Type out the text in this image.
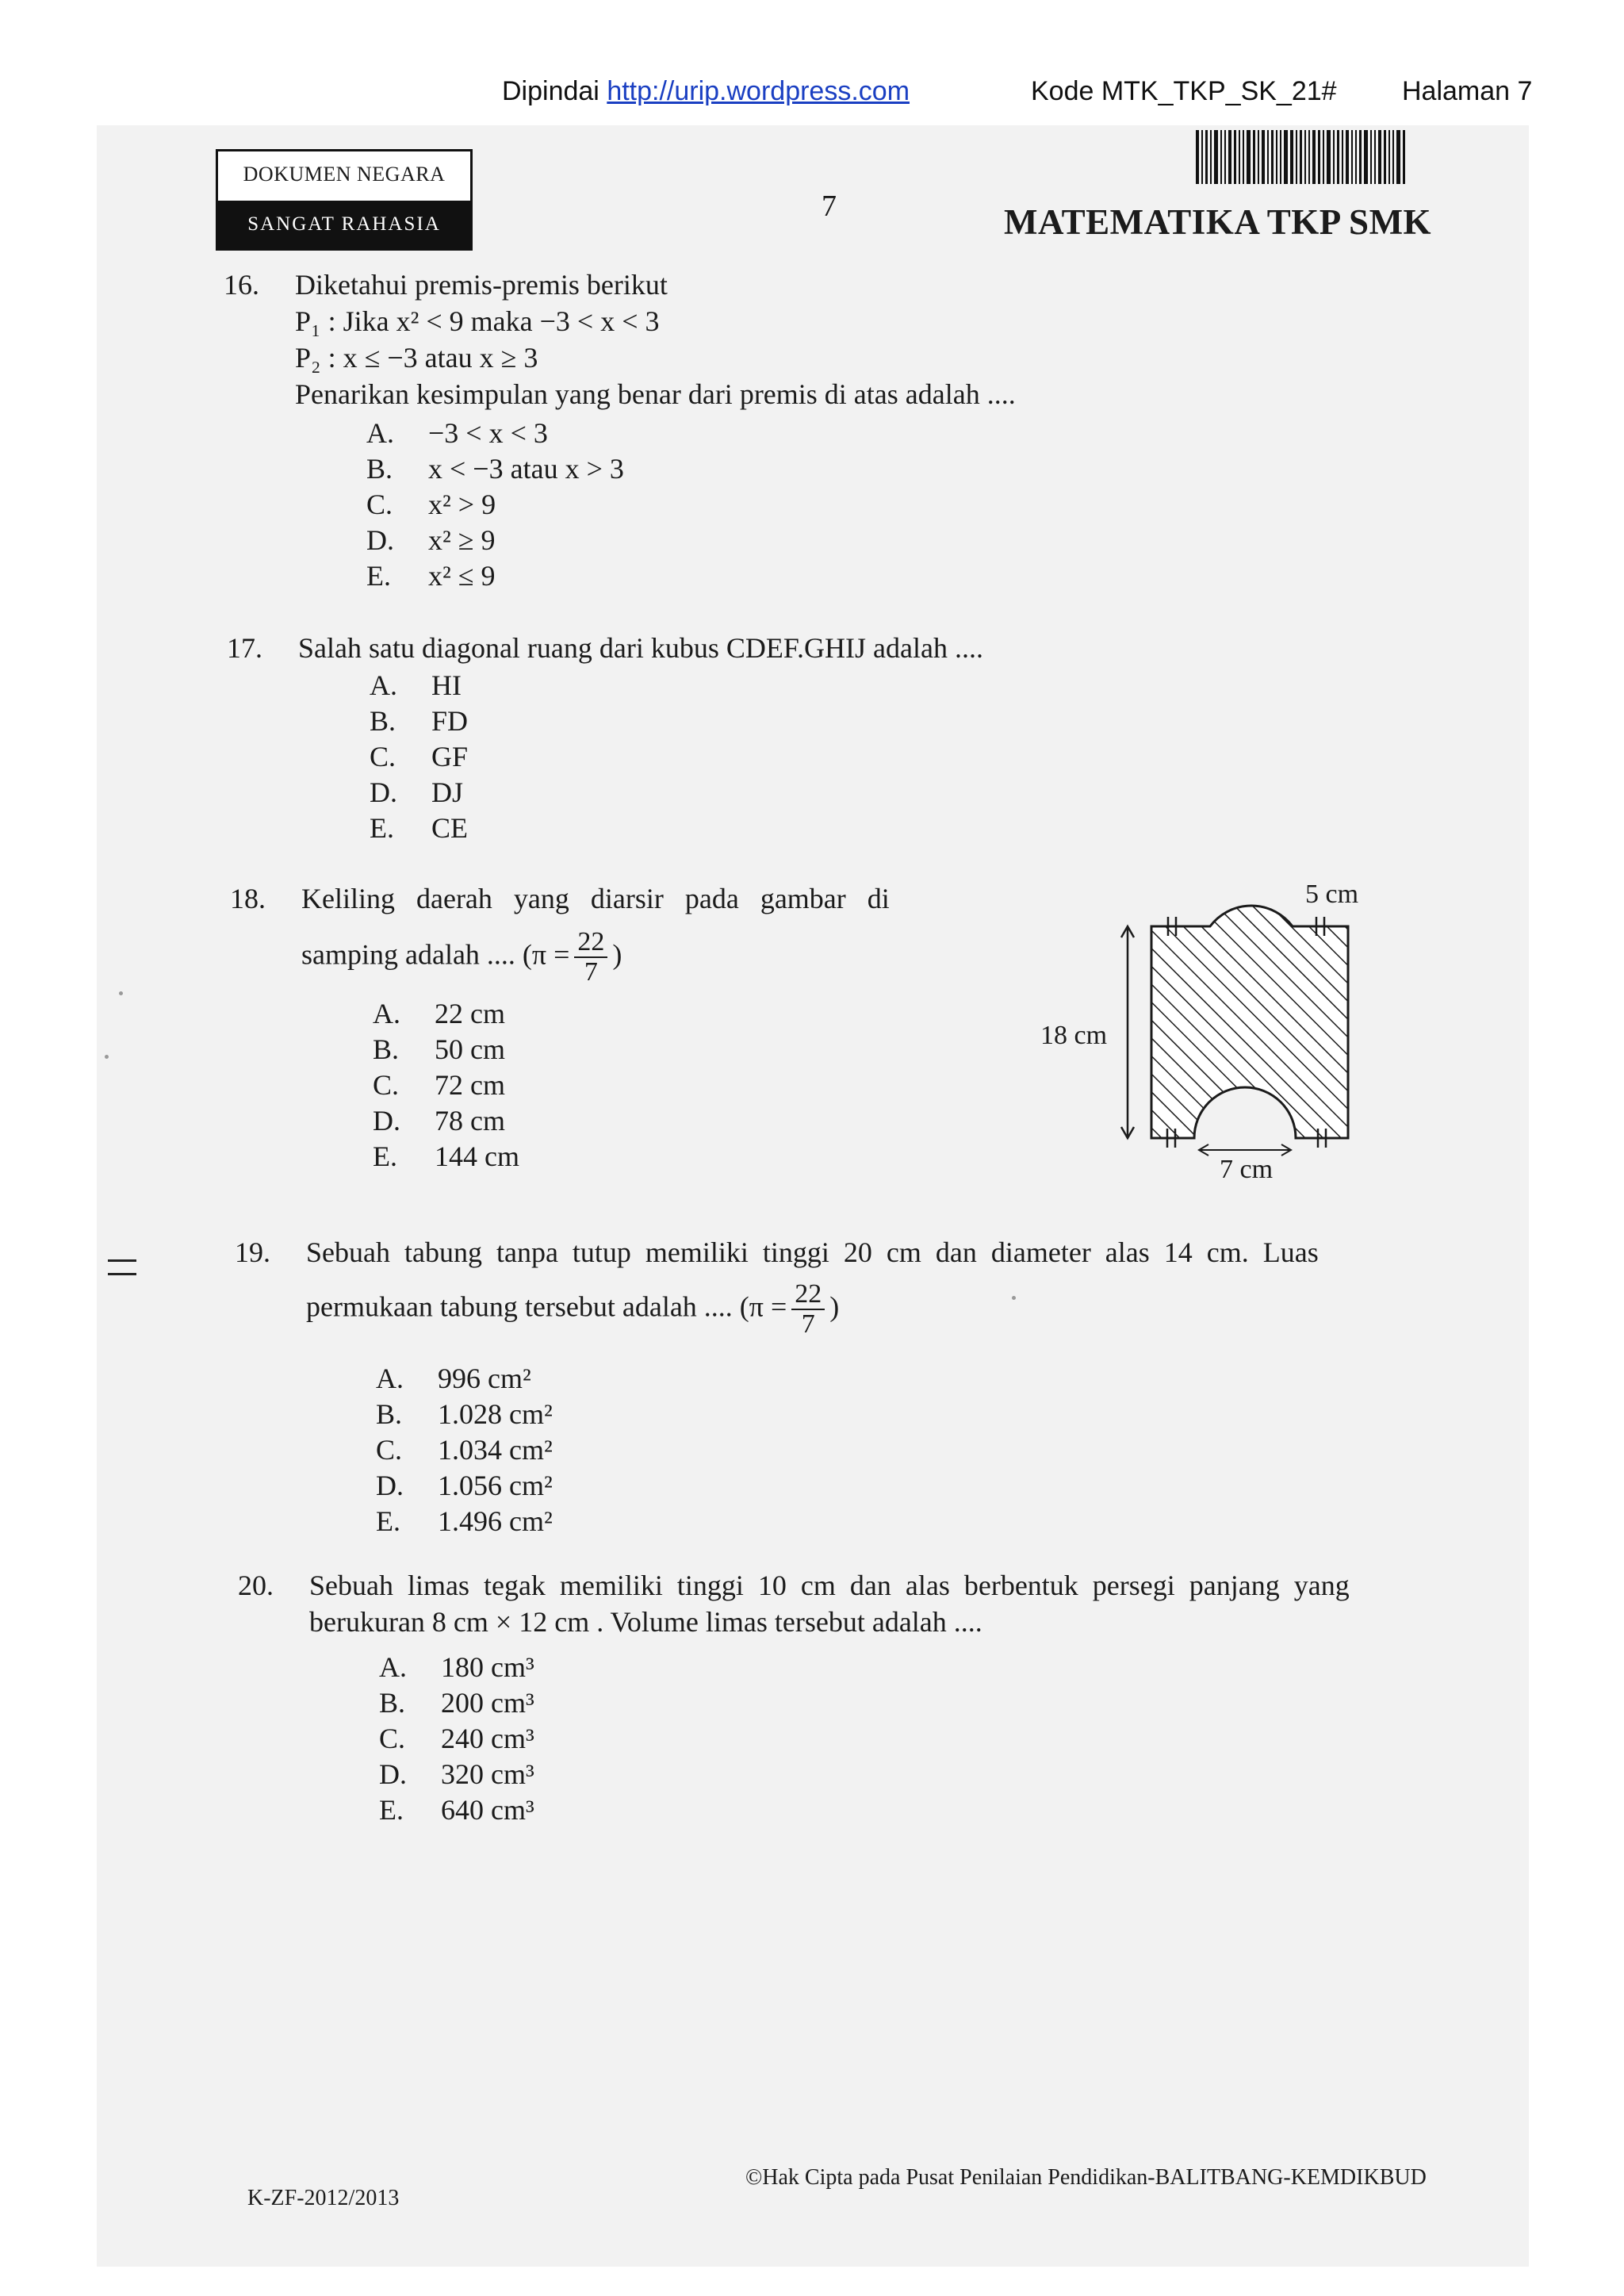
Dipindai http://urip.wordpress.com	Kode MTK_TKP_SK_21# Halaman 7
DOKUMEN NEGARA
SANGAT RAHASIA
7	MATEMATIKA TKP SMK
16. Diketahui premis-premis berikut
P₁ : Jika x² < 9 maka −3 < x < 3
P₂ : x ≤ −3 atau x ≥ 3
Penarikan kesimpulan yang benar dari premis di atas adalah ....
A. −3 < x < 3
B. x < −3 atau x > 3
C. x² > 9
D. x² ≥ 9
E. x² ≤ 9
17. Salah satu diagonal ruang dari kubus CDEF.GHIJ adalah ....
A. HI
B. FD
C. GF
D. DJ
E. CE
18. Keliling   daerah   yang   diarsir   pada   gambar   di
samping adalah .... ($\pi = \frac{22}{7}$ )
A. 22 cm
B. 50 cm
C. 72 cm
D. 78 cm
E. 144 cm
5 cm
18 cm
7 cm
19. Sebuah  tabung  tanpa  tutup  memiliki  tinggi  20  cm  dan  diameter  alas  14  cm.  Luas
permukaan tabung tersebut adalah .... ($\pi = \frac{22}{7}$ )
A. 996 cm²
B. 1.028 cm²
C. 1.034 cm²
D. 1.056 cm²
E. 1.496 cm²
20. Sebuah  limas  tegak  memiliki  tinggi  10  cm  dan  alas  berbentuk  persegi  panjang  yang
berukuran 8 cm × 12 cm . Volume limas tersebut adalah ....
A. 180 cm³
B. 200 cm³
C. 240 cm³
D. 320 cm³
E. 640 cm³
K-ZF-2012/2013
©Hak Cipta pada Pusat Penilaian Pendidikan-BALITBANG-KEMDIKBUD
